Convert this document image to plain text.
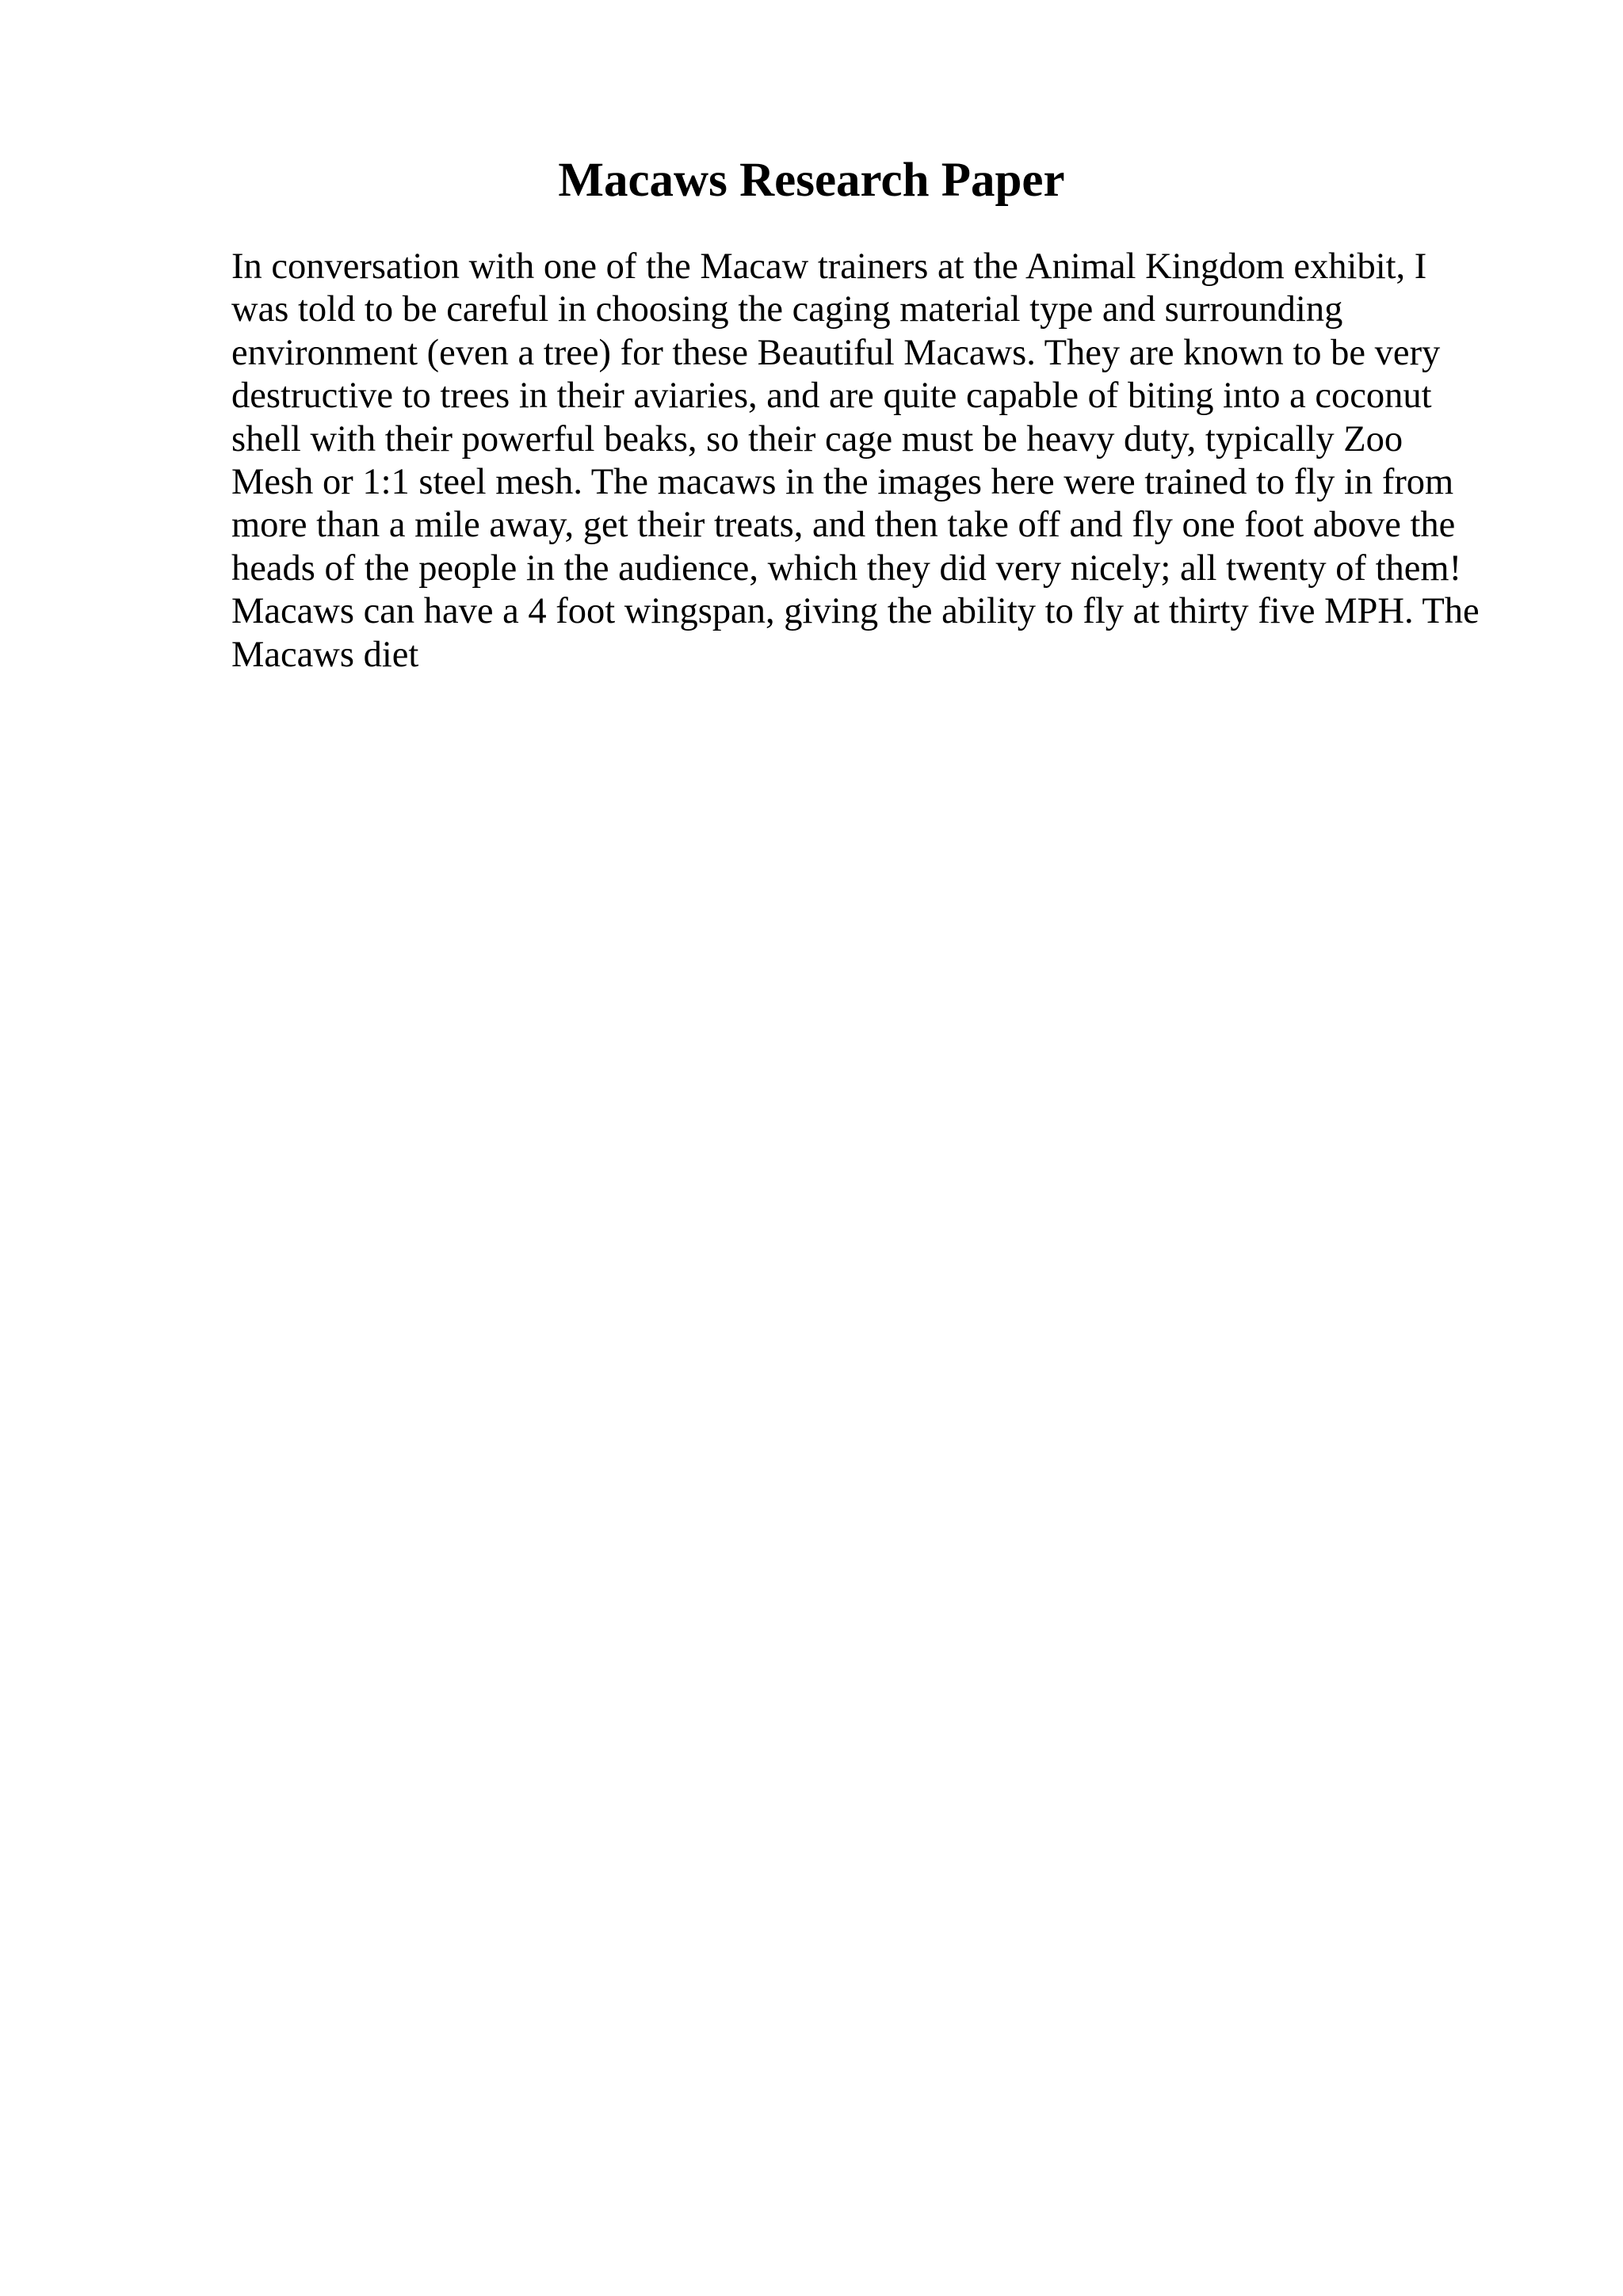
Macaws Research Paper

In conversation with one of the Macaw trainers at the Animal Kingdom exhibit, I
was told to be careful in choosing the caging material type and surrounding
environment (even a tree) for these Beautiful Macaws. They are known to be very
destructive to trees in their aviaries, and are quite capable of biting into a coconut
shell with their powerful beaks, so their cage must be heavy duty, typically Zoo
Mesh or 1:1 steel mesh. The macaws in the images here were trained to fly in from
more than a mile away, get their treats, and then take off and fly one foot above the
heads of the people in the audience, which they did very nicely; all twenty of them!
Macaws can have a 4 foot wingspan, giving the ability to fly at thirty five MPH. The
Macaws diet
